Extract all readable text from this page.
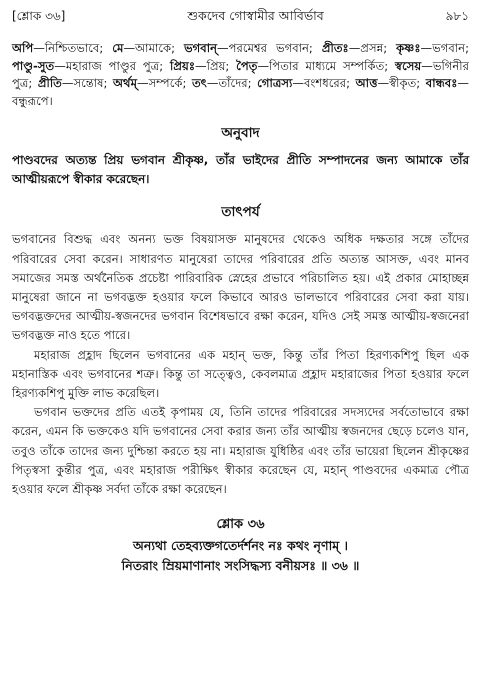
[শ্লোক ৩৬]	শুকদেব গোস্বামীর আবির্ভাব	৯৮১
অপি—নিশ্চিতভাবে; মে—আমাকে; ভগবান্—পরমেশ্বর ভগবান; প্রীতঃ—প্রসন্ন; কৃষ্ণঃ—ভগবান; পাণ্ডু-সুত—মহারাজ পাণ্ডুর পুত্র; প্রিয়ঃ—প্রিয়; পৈতৃ—পিতার মাধ্যমে সম্পর্কিত; স্বসেয়—ভগিনীর পুত্র; প্রীতি—সন্তোষ; অর্থম্—সম্পর্কে; তৎ—তাঁদের; গোত্রস্য—বংশধরের; আত্ত—স্বীকৃত; বান্ধবঃ—বন্ধুরূপে।
অনুবাদ
পাণ্ডবদের অত্যন্ত প্রিয় ভগবান শ্রীকৃষ্ণ, তাঁর ভাইদের প্রীতি সম্পাদনের জন্য আমাকে তাঁর আত্মীয়রূপে স্বীকার করেছেন।
তাৎপর্য

ভগবানের বিশুদ্ধ এবং অনন্য ভক্ত বিষয়াসক্ত মানুষদের থেকেও অধিক দক্ষতার সঙ্গে তাঁদের পরিবারের সেবা করেন। সাধারণত মানুষেরা তাদের পরিবারের প্রতি অত্যন্ত আসক্ত, এবং মানব সমাজের সমস্ত অর্থনৈতিক প্রচেষ্টা পারিবারিক স্নেহের প্রভাবে পরিচালিত হয়। এই প্রকার মোহাচ্ছন্ন মানুষেরা জানে না ভগবদ্ভক্ত হওয়ার ফলে কিভাবে আরও ভালভাবে পরিবারের সেবা করা যায়। ভগবদ্ভক্তদের আত্মীয়-স্বজনদের ভগবান বিশেষভাবে রক্ষা করেন, যদিও সেই সমস্ত আত্মীয়-স্বজনেরা ভগবদ্ভক্ত নাও হতে পারে।

মহারাজ প্রহ্লাদ ছিলেন ভগবানের এক মহান্ ভক্ত, কিন্তু তাঁর পিতা হিরণ্যকশিপু ছিল এক মহানাস্তিক এবং ভগবানের শত্রু। কিন্তু তা সত্ত্বেও, কেবলমাত্র প্রহ্লাদ মহারাজের পিতা হওয়ার ফলে হিরণ্যকশিপু মুক্তি লাভ করেছিল।

ভগবান ভক্তদের প্রতি এতই কৃপাময় যে, তিনি তাদের পরিবারের সদস্যদের সর্বতোভাবে রক্ষা করেন, এমন কি ভক্তকেও যদি ভগবানের সেবা করার জন্য তাঁর আত্মীয় স্বজনদের ছেড়ে চলেও যান, তবুও তাঁকে তাদের জন্য দুশ্চিন্তা করতে হয় না। মহারাজ যুধিষ্ঠির এবং তাঁর ভায়েরা ছিলেন শ্রীকৃষ্ণের পিতৃস্বসা কুন্তীর পুত্র, এবং মহারাজ পরীক্ষিৎ স্বীকার করেছেন যে, মহান্ পাণ্ডবদের একমাত্র পৌত্র হওয়ার ফলে শ্রীকৃষ্ণ সর্বদা তাঁকে রক্ষা করেছেন।

শ্লোক ৩৬
অন্যথা তেহব্যক্তগতের্দর্শনং নঃ কথং নৃণাম্ ।
নিতরাং ম্রিয়মাণানাং সংসিদ্ধস্য বনীয়সঃ ॥ ৩৬ ॥
